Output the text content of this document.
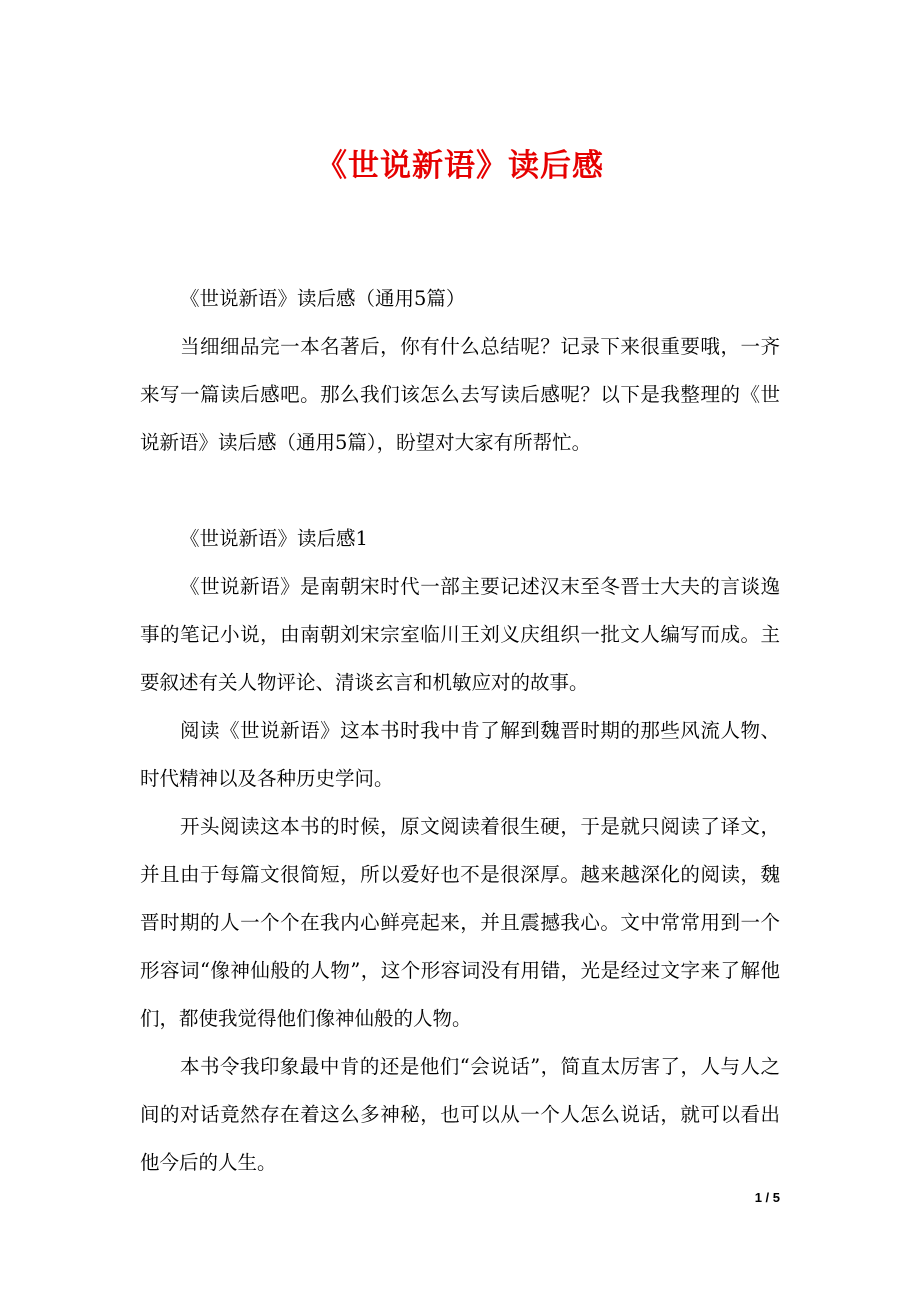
《世说新语》读后感

《世说新语》读后感（通用5篇）

当细细品完一本名著后，你有什么总结呢？记录下来很重要哦，一齐来写一篇读后感吧。那么我们该怎么去写读后感呢？以下是我整理的《世说新语》读后感（通用5篇），盼望对大家有所帮忙。

《世说新语》读后感1

《世说新语》是南朝宋时代一部主要记述汉末至冬晋士大夫的言谈逸事的笔记小说，由南朝刘宋宗室临川王刘义庆组织一批文人编写而成。主要叙述有关人物评论、清谈玄言和机敏应对的故事。

阅读《世说新语》这本书时我中肯了解到魏晋时期的那些风流人物、时代精神以及各种历史学问。

开头阅读这本书的时候，原文阅读着很生硬，于是就只阅读了译文，并且由于每篇文很简短，所以爱好也不是很深厚。越来越深化的阅读，魏晋时期的人一个个在我内心鲜亮起来，并且震撼我心。文中常常用到一个形容词“像神仙般的人物”，这个形容词没有用错，光是经过文字来了解他们，都使我觉得他们像神仙般的人物。

本书令我印象最中肯的还是他们“会说话”，简直太厉害了，人与人之间的对话竟然存在着这么多神秘，也可以从一个人怎么说话，就可以看出他今后的人生。

1 / 5
